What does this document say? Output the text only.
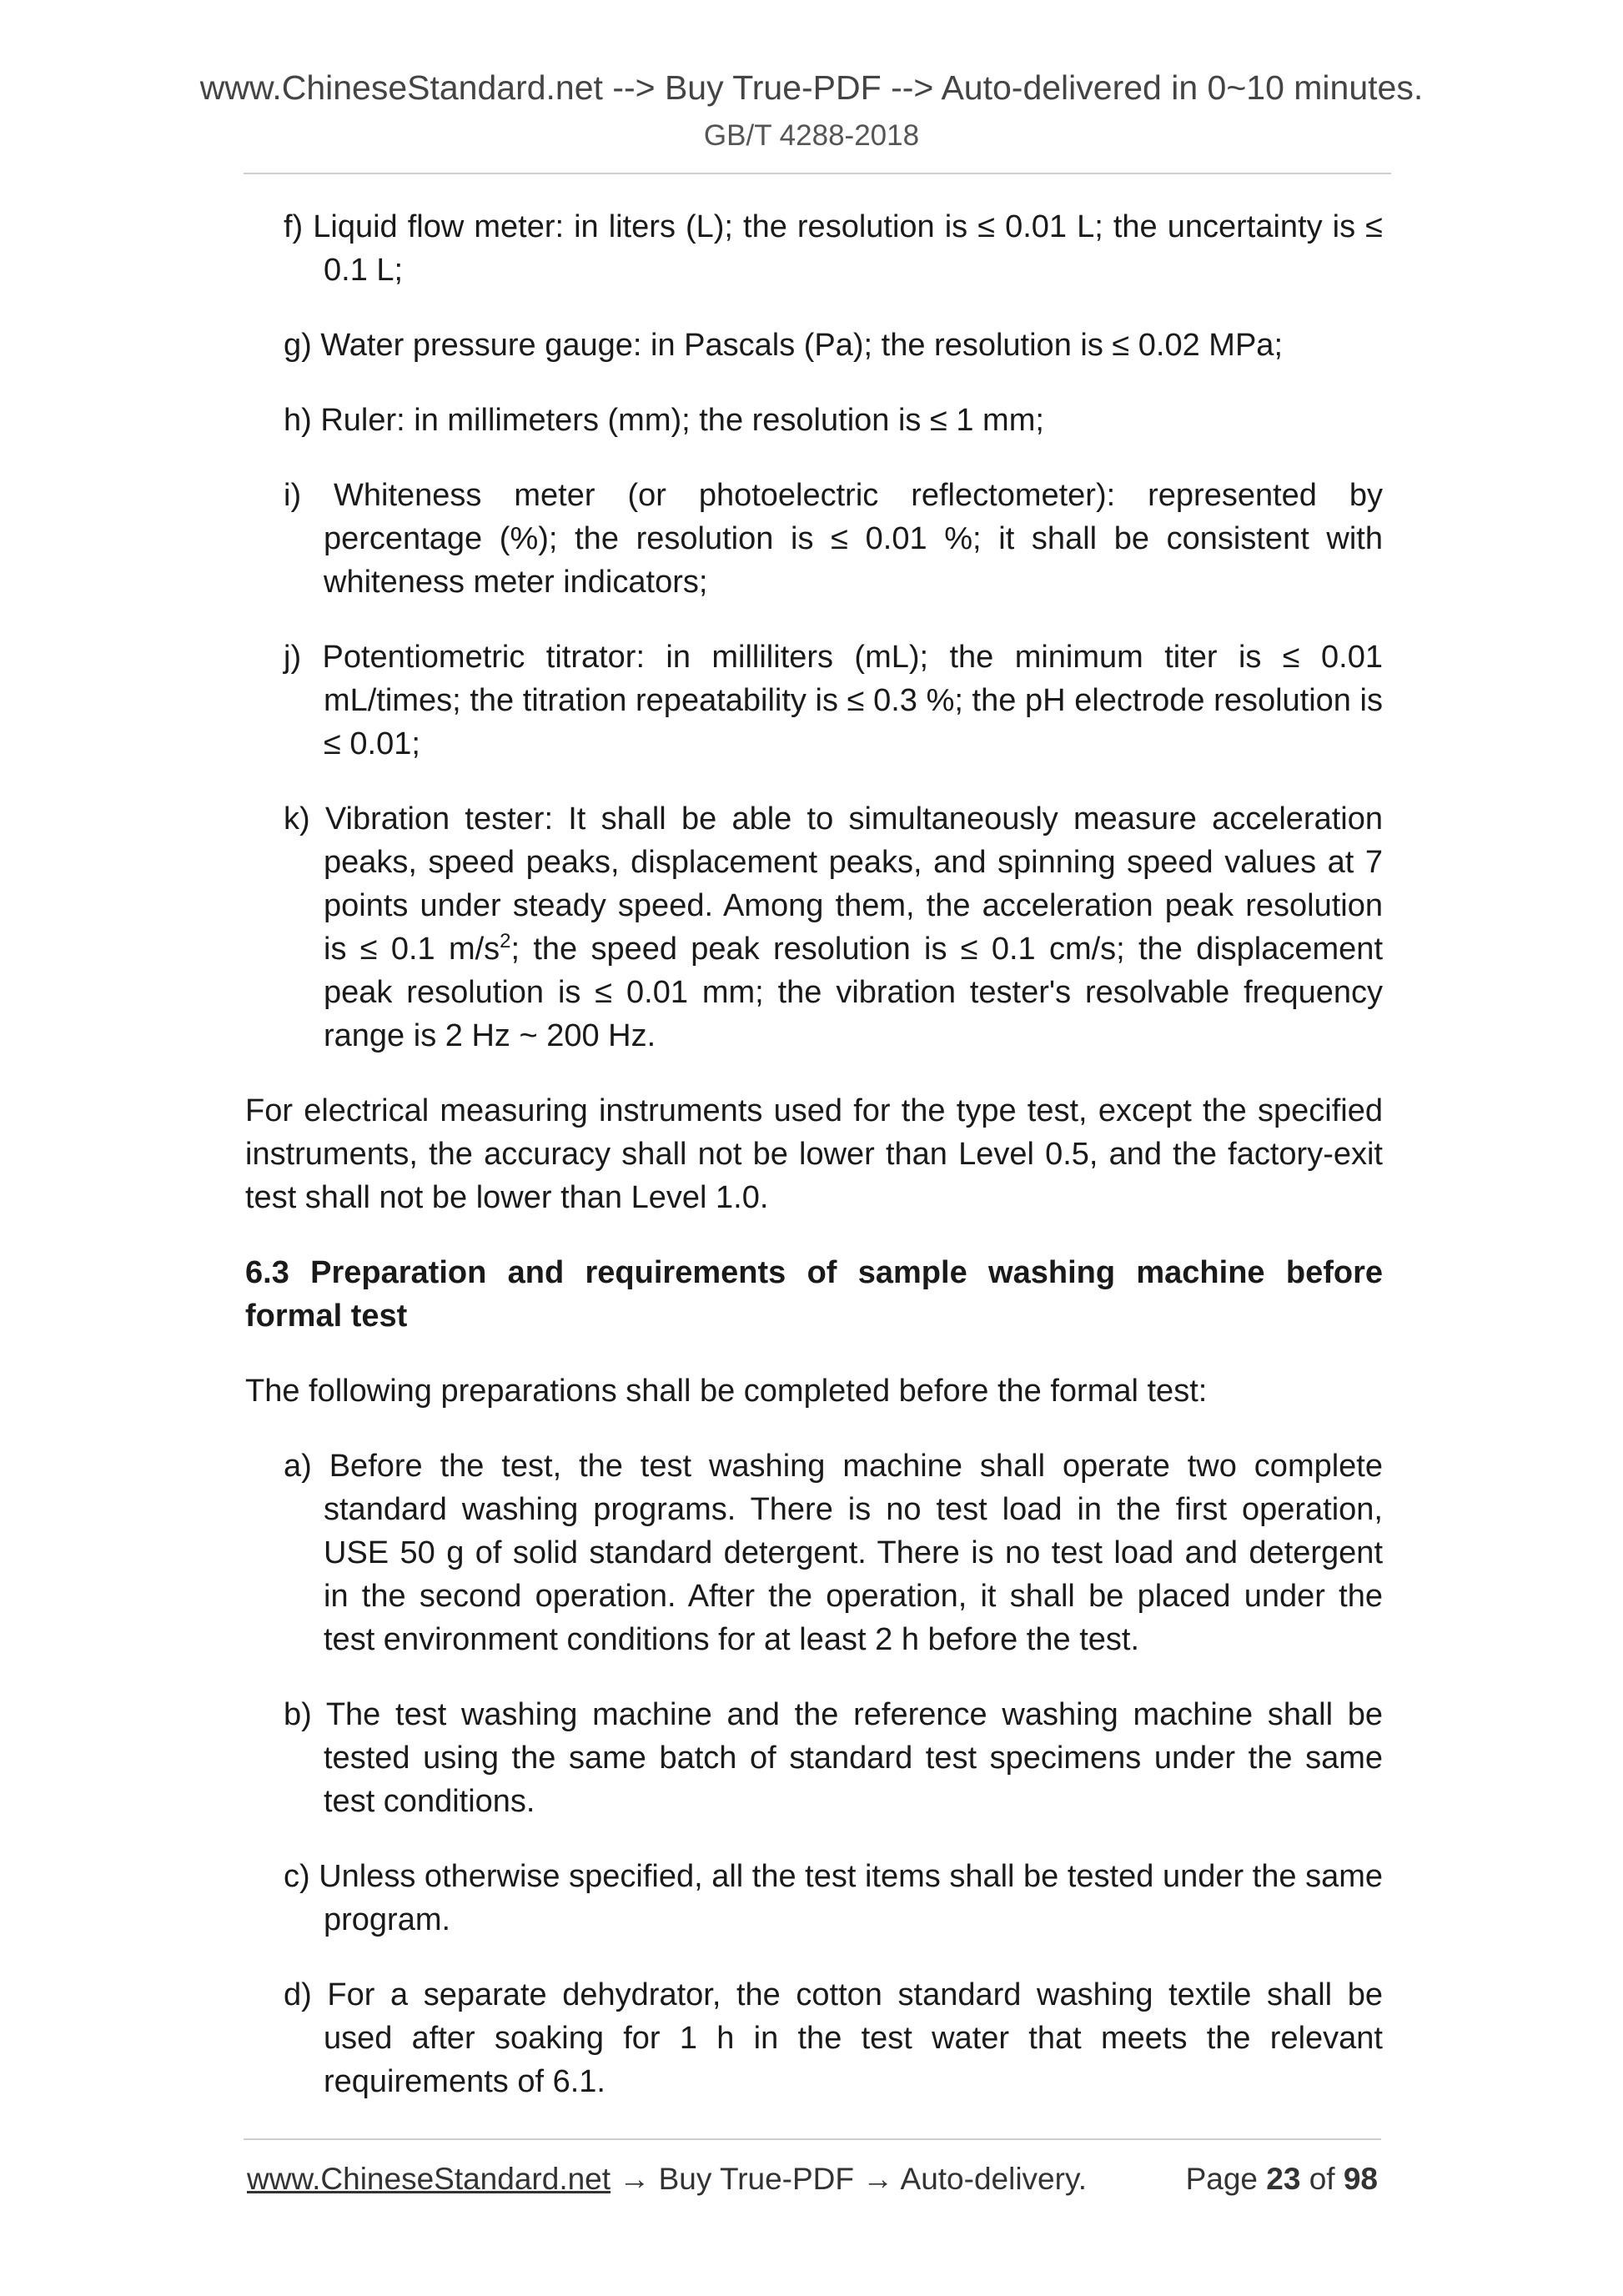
www.ChineseStandard.net --> Buy True-PDF --> Auto-delivered in 0~10 minutes.
GB/T 4288-2018
f) Liquid flow meter: in liters (L); the resolution is ≤ 0.01 L; the uncertainty is ≤ 0.1 L;
g) Water pressure gauge: in Pascals (Pa); the resolution is ≤ 0.02 MPa;
h) Ruler: in millimeters (mm); the resolution is ≤ 1 mm;
i) Whiteness meter (or photoelectric reflectometer): represented by percentage (%); the resolution is ≤ 0.01 %; it shall be consistent with whiteness meter indicators;
j) Potentiometric titrator: in milliliters (mL); the minimum titer is ≤ 0.01 mL/times; the titration repeatability is ≤ 0.3 %; the pH electrode resolution is ≤ 0.01;
k) Vibration tester: It shall be able to simultaneously measure acceleration peaks, speed peaks, displacement peaks, and spinning speed values at 7 points under steady speed. Among them, the acceleration peak resolution is ≤ 0.1 $m/s^2$; the speed peak resolution is ≤ 0.1 cm/s; the displacement peak resolution is ≤ 0.01 mm; the vibration tester's resolvable frequency range is 2 Hz ~ 200 Hz.
For electrical measuring instruments used for the type test, except the specified instruments, the accuracy shall not be lower than Level 0.5, and the factory-exit test shall not be lower than Level 1.0.
6.3 Preparation and requirements of sample washing machine before formal test
The following preparations shall be completed before the formal test:
a) Before the test, the test washing machine shall operate two complete standard washing programs. There is no test load in the first operation, USE 50 g of solid standard detergent. There is no test load and detergent in the second operation. After the operation, it shall be placed under the test environment conditions for at least 2 h before the test.
b) The test washing machine and the reference washing machine shall be tested using the same batch of standard test specimens under the same test conditions.
c) Unless otherwise specified, all the test items shall be tested under the same program.
d) For a separate dehydrator, the cotton standard washing textile shall be used after soaking for 1 h in the test water that meets the relevant requirements of 6.1.
www.ChineseStandard.net → Buy True-PDF → Auto-delivery.	Page 23 of 98
